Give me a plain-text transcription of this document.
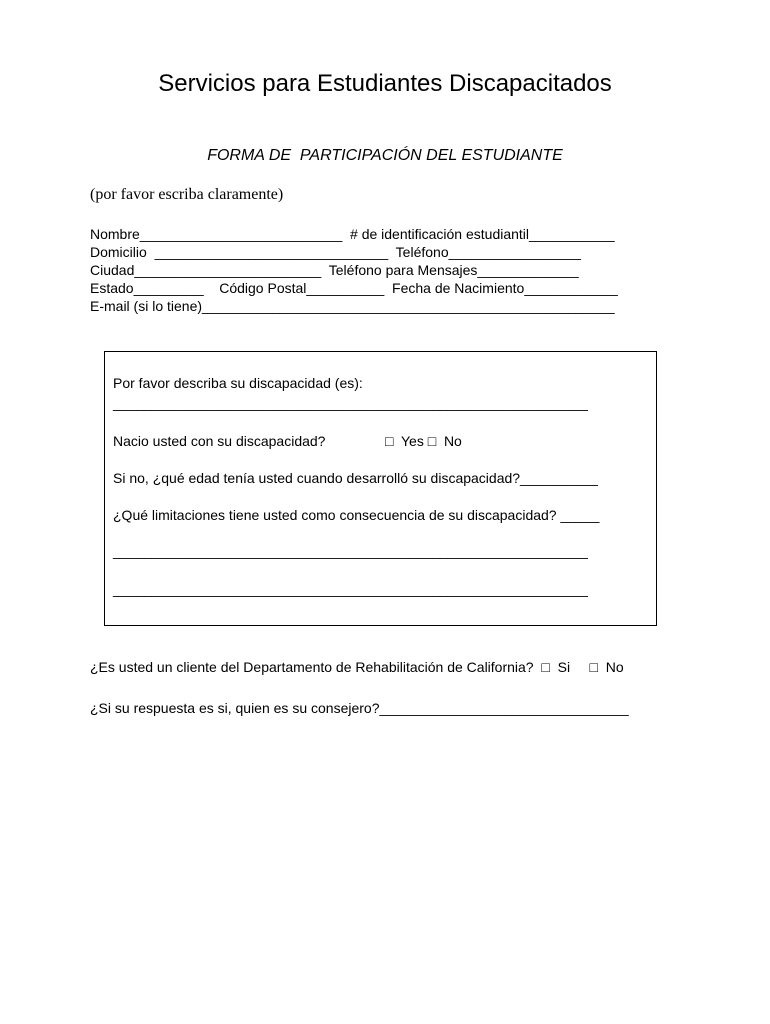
Servicios para Estudiantes Discapacitados
FORMA DE  PARTICIPACIÓN DEL ESTUDIANTE
(por favor escriba claramente)
Nombre__________________________  # de identificación estudiantil___________
Domicilio  ______________________________  Teléfono_________________
Ciudad________________________  Teléfono para Mensajes_____________
Estado_________    Código Postal__________  Fecha de Nacimiento____________
E-mail (si lo tiene)_____________________________________________________
Por favor describa su discapacidad (es):
_____________________________________________________________
Nacio usted con su discapacidad?	□  Yes □  No
Si no, ¿qué edad tenía usted cuando desarrolló su discapacidad?__________
¿Qué limitaciones tiene usted como consecuencia de su discapacidad? _____
_____________________________________________________________
_____________________________________________________________
¿Es usted un cliente del Departamento de Rehabilitación de California?  □  Si     □  No
¿Si su respuesta es si, quien es su consejero?________________________________
